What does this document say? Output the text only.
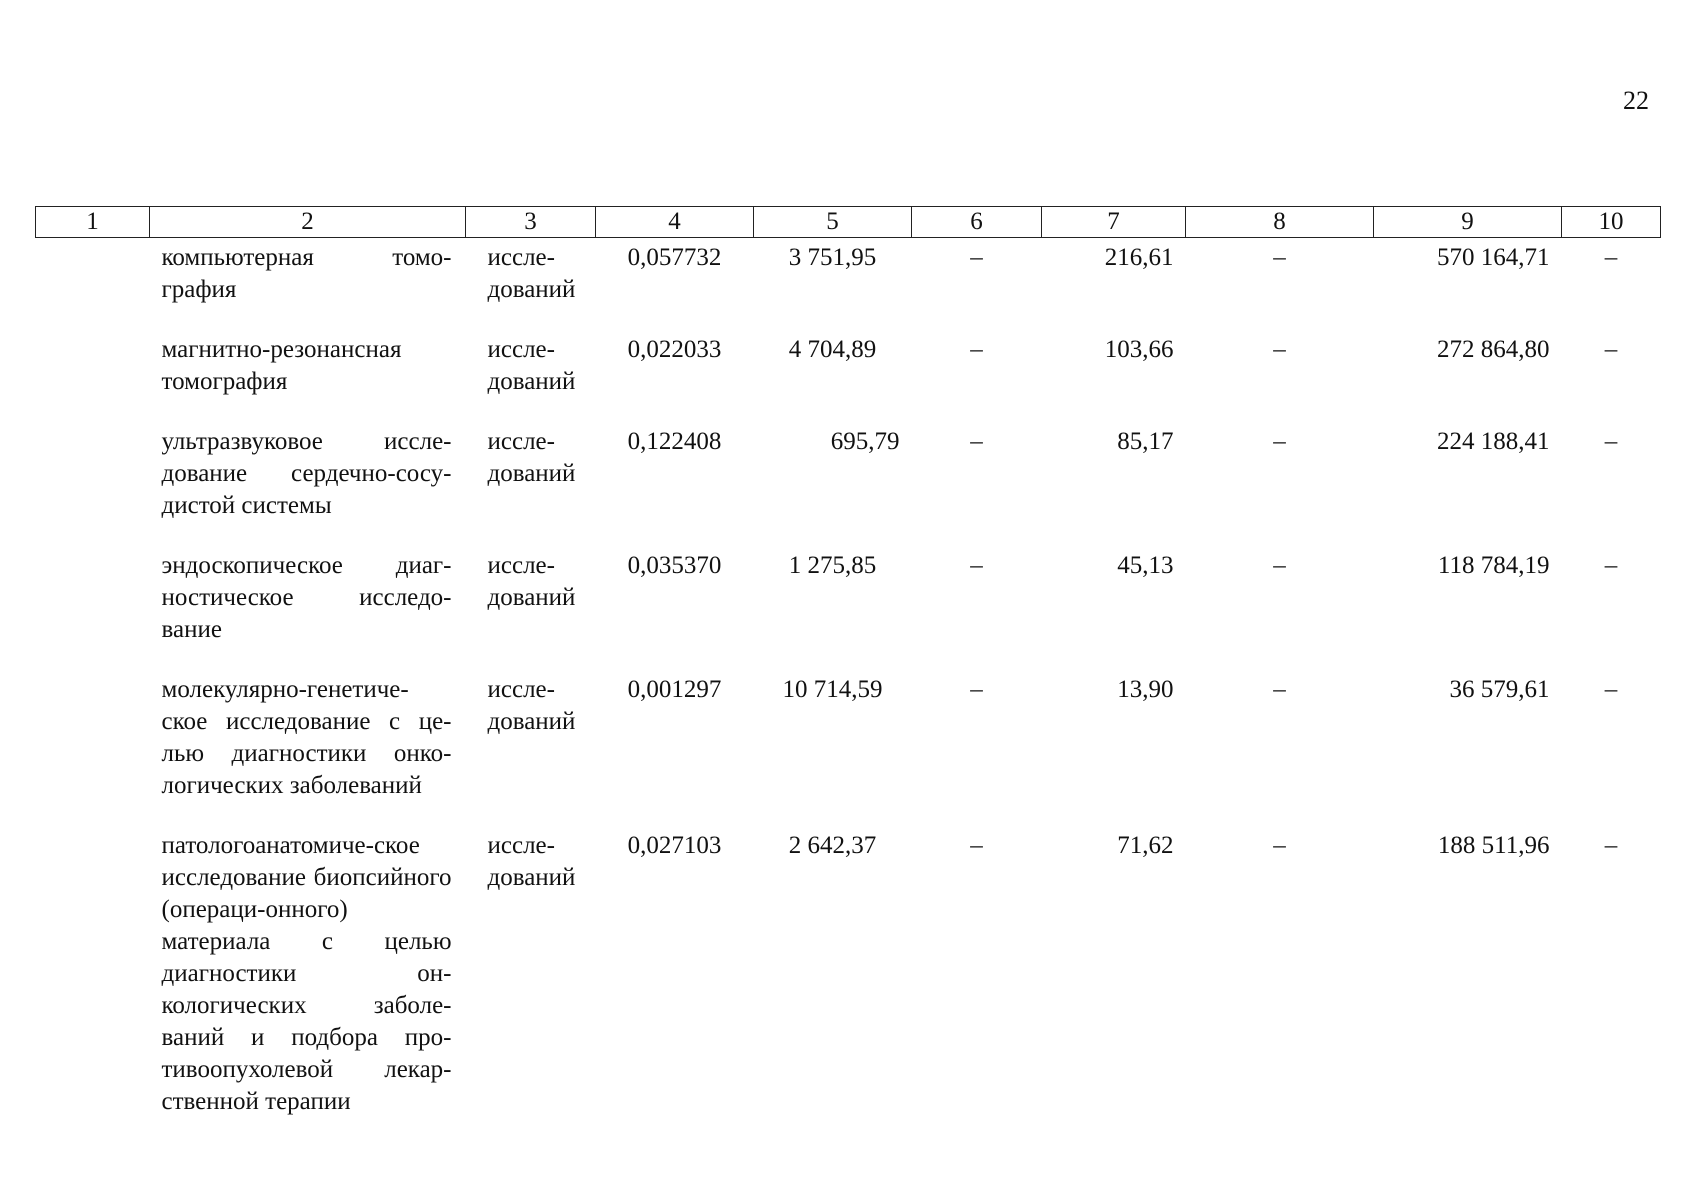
22
1	2	3	4	5	6	7	8	9	10
	компьютерная томо-графия	иссле-дований	0,057732	3 751,95	–	216,61	–	570 164,71	–
	магнитно-резонансная томография	иссле-дований	0,022033	4 704,89	–	103,66	–	272 864,80	–
	ультразвуковое иссле-дование сердечно-сосу-дистой системы	иссле-дований	0,122408	695,79	–	85,17	–	224 188,41	–
	эндоскопическое диаг-ностическое исследо-вание	иссле-дований	0,035370	1 275,85	–	45,13	–	118 784,19	–
	молекулярно-генетиче-ское исследование с це-лью диагностики онко-логических заболеваний	иссле-дований	0,001297	10 714,59	–	13,90	–	36 579,61	–
	патологоанатомиче-ское исследование биопсийного (операци-онного) материала с целью диагностики он-кологических заболе-ваний и подбора про-тивоопухолевой лекар-ственной терапии	иссле-дований	0,027103	2 642,37	–	71,62	–	188 511,96	–
